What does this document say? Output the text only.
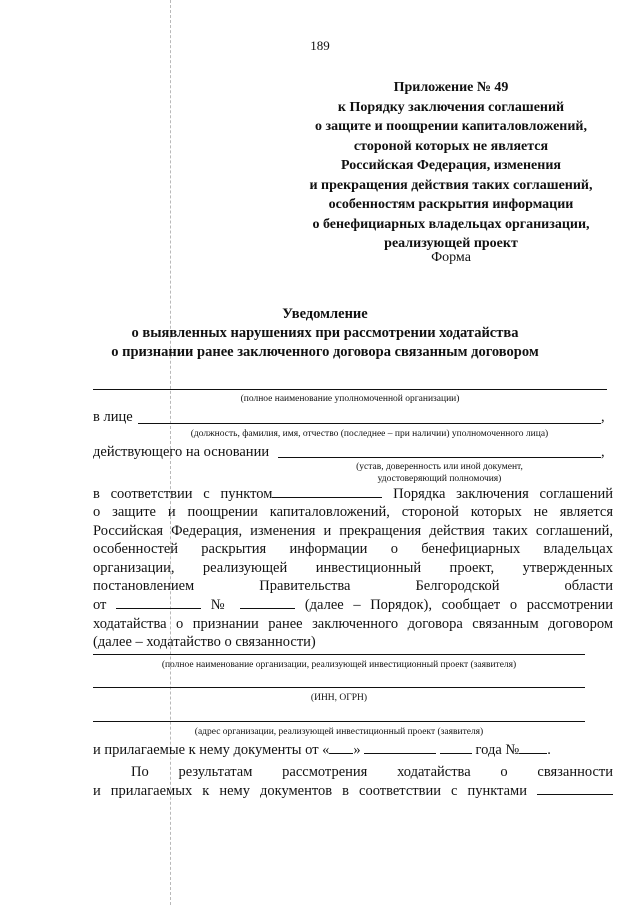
189
Приложение № 49
к Порядку заключения соглашений
о защите и поощрении капиталовложений,
стороной которых не является
Российская Федерация, изменения
и прекращения действия таких соглашений,
особенностям раскрытия информации
о бенефициарных владельцах организации,
реализующей проект
Форма
Уведомление
о выявленных нарушениях при рассмотрении ходатайства
о признании ранее заключенного договора связанным договором
(полное наименование уполномоченной организации)
в лице	,
(должность, фамилия, имя, отчество (последнее – при наличии) уполномоченного лица)
действующего на основании	,
(устав, доверенность или иной документ,
удостоверяющий полномочия)
в соответствии с пунктом	Порядка заключения соглашений
о защите и поощрении капиталовложений, стороной которых не является
Российская Федерация, изменения и прекращения действия таких соглашений,
особенностей раскрытия информации о бенефициарных владельцах
организации, реализующей инвестиционный проект, утвержденных
постановлением Правительства Белгородской области
от	№	(далее – Порядок), сообщает о рассмотрении
ходатайства о признании ранее заключенного договора связанным договором
(далее – ходатайство о связанности)
(полное наименование организации, реализующей инвестиционный проект (заявителя)
(ИНН, ОГРН)
(адрес организации, реализующей инвестиционный проект (заявителя)
и прилагаемые к нему документы от « »	года № .
По результатам рассмотрения ходатайства о связанности
и прилагаемых к нему документов в соответствии с пунктами
